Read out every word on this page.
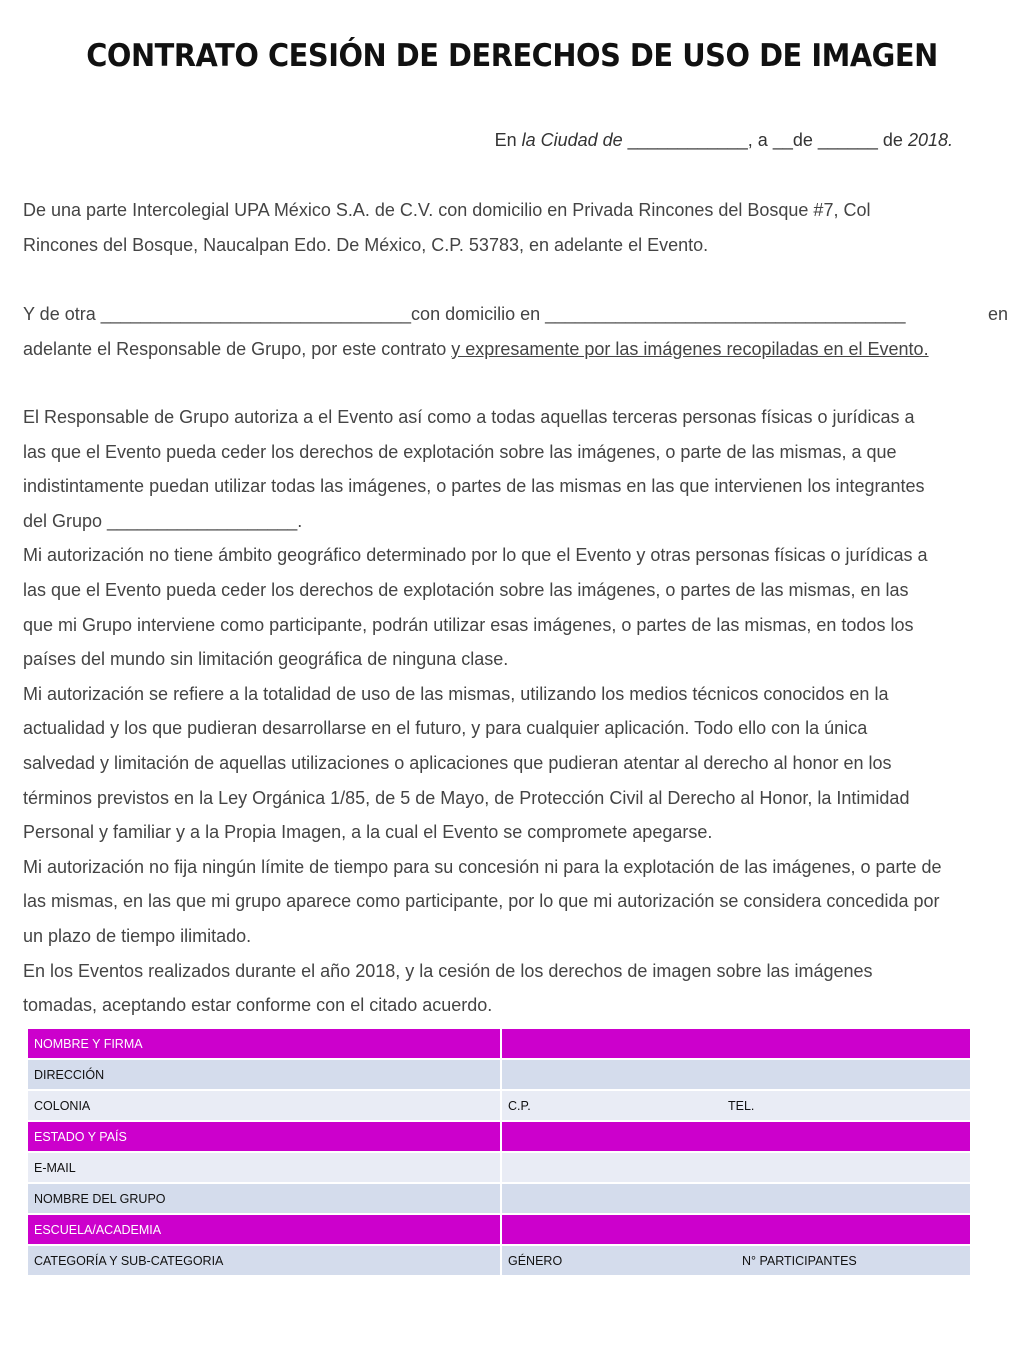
CONTRATO CESIÓN DE DERECHOS DE USO DE IMAGEN
En la Ciudad de ____________, a __de ______ de 2018.
De una parte Intercolegial UPA México S.A. de C.V. con domicilio en Privada Rincones del Bosque #7, Col
Rincones del Bosque, Naucalpan Edo. De México, C.P. 53783, en adelante el Evento.
Y de otra _______________________________con domicilio en ____________________________________	en
adelante el Responsable de Grupo, por este contrato y expresamente por las imágenes recopiladas en el Evento.
El Responsable de Grupo autoriza a el Evento así como a todas aquellas terceras personas físicas o jurídicas a
las que el Evento pueda ceder los derechos de explotación sobre las imágenes, o parte de las mismas, a que
indistintamente puedan utilizar todas las imágenes, o partes de las mismas en las que intervienen los integrantes
del Grupo ___________________.
Mi autorización no tiene ámbito geográfico determinado por lo que el Evento y otras personas físicas o jurídicas a
las que el Evento pueda ceder los derechos de explotación sobre las imágenes, o partes de las mismas, en las
que mi Grupo interviene como participante, podrán utilizar esas imágenes, o partes de las mismas, en todos los
países del mundo sin limitación geográfica de ninguna clase.
Mi autorización se refiere a la totalidad de uso de las mismas, utilizando los medios técnicos conocidos en la
actualidad y los que pudieran desarrollarse en el futuro, y para cualquier aplicación. Todo ello con la única
salvedad y limitación de aquellas utilizaciones o aplicaciones que pudieran atentar al derecho al honor en los
términos previstos en la Ley Orgánica 1/85, de 5 de Mayo, de Protección Civil al Derecho al Honor, la Intimidad
Personal y familiar y a la Propia Imagen, a la cual el Evento se compromete apegarse.
Mi autorización no fija ningún límite de tiempo para su concesión ni para la explotación de las imágenes, o parte de
las mismas, en las que mi grupo aparece como participante, por lo que mi autorización se considera concedida por
un plazo de tiempo ilimitado.
En los Eventos realizados durante el año 2018, y la cesión de los derechos de imagen sobre las imágenes
tomadas, aceptando estar conforme con el citado acuerdo.
NOMBRE Y FIRMA	
DIRECCIÓN	
COLONIA	C.P. TEL.

ESTADO Y PAÍS	
E-MAIL	
NOMBRE DEL GRUPO	
ESCUELA/ACADEMIA	
CATEGORÍA Y SUB-CATEGORIA	GÉNERO N° PARTICIPANTES
